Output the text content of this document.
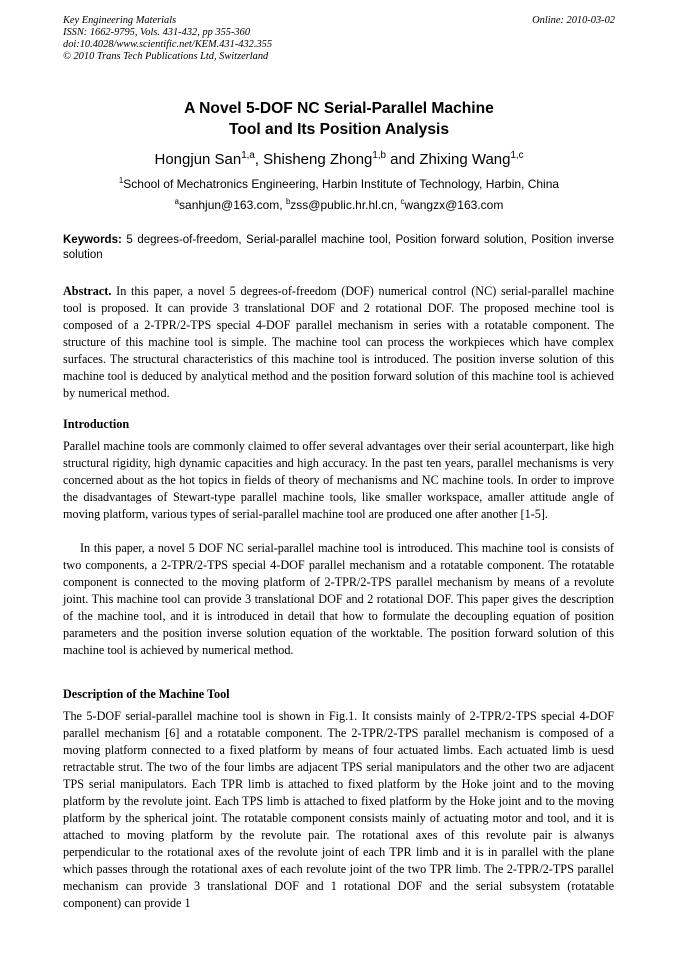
Key Engineering Materials
ISSN: 1662-9795, Vols. 431-432, pp 355-360
doi:10.4028/www.scientific.net/KEM.431-432.355
© 2010 Trans Tech Publications Ltd, Switzerland
Online: 2010-03-02
A Novel 5-DOF NC Serial-Parallel Machine
Tool and Its Position Analysis
Hongjun San$^{1,a}$, Shisheng Zhong$^{1,b}$ and Zhixing Wang$^{1,c}$
$^1$School of Mechatronics Engineering, Harbin Institute of Technology, Harbin, China
$^a$sanhjun@163.com, $^b$zss@public.hr.hl.cn, $^c$wangzx@163.com
Keywords: 5 degrees-of-freedom, Serial-parallel machine tool, Position forward solution, Position inverse solution
Abstract. In this paper, a novel 5 degrees-of-freedom (DOF) numerical control (NC) serial-parallel machine tool is proposed. It can provide 3 translational DOF and 2 rotational DOF. The proposed mechine tool is composed of a 2-TPR/2-TPS special 4-DOF parallel mechanism in series with a rotatable component. The structure of this machine tool is simple. The machine tool can process the workpieces which have complex surfaces. The structural characteristics of this machine tool is introduced. The position inverse solution of this machine tool is deduced by analytical method and the position forward solution of this machine tool is achieved by numerical method.
Introduction
Parallel machine tools are commonly claimed to offer several advantages over their serial acounterpart, like high structural rigidity, high dynamic capacities and high accuracy. In the past ten years, parallel mechanisms is very concerned about as the hot topics in fields of theory of mechanisms and NC machine tools. In order to improve the disadvantages of Stewart-type parallel machine tools, like smaller workspace, amaller attitude angle of moving platform, various types of serial-parallel machine tool are produced one after another [1-5].
In this paper, a novel 5 DOF NC serial-parallel machine tool is introduced. This machine tool is consists of two components, a 2-TPR/2-TPS special 4-DOF parallel mechanism and a rotatable component. The rotatable component is connected to the moving platform of 2-TPR/2-TPS parallel mechanism by means of a revolute joint. This machine tool can provide 3 translational DOF and 2 rotational DOF. This paper gives the description of the machine tool, and it is introduced in detail that how to formulate the decoupling equation of position parameters and the position inverse solution equation of the worktable. The position forward solution of this machine tool is achieved by numerical method.
Description of the Machine Tool
The 5-DOF serial-parallel machine tool is shown in Fig.1. It consists mainly of 2-TPR/2-TPS special 4-DOF parallel mechanism [6] and a rotatable component. The 2-TPR/2-TPS parallel mechanism is composed of a moving platform connected to a fixed platform by means of four actuated limbs. Each actuated limb is uesd retractable strut. The two of the four limbs are adjacent TPS serial manipulators and the other two are adjacent TPS serial manipulators. Each TPR limb is attached to fixed platform by the Hoke joint and to the moving platform by the revolute joint. Each TPS limb is attached to fixed platform by the Hoke joint and to the moving platform by the spherical joint. The rotatable component consists mainly of actuating motor and tool, and it is attached to moving platform by the revolute pair. The rotational axes of this revolute pair is alwanys perpendicular to the rotational axes of the revolute joint of each TPR limb and it is in parallel with the plane which passes through the rotational axes of each revolute joint of the two TPR limb. The 2-TPR/2-TPS parallel mechanism can provide 3 translational DOF and 1 rotational DOF and the serial subsystem (rotatable component) can provide 1
